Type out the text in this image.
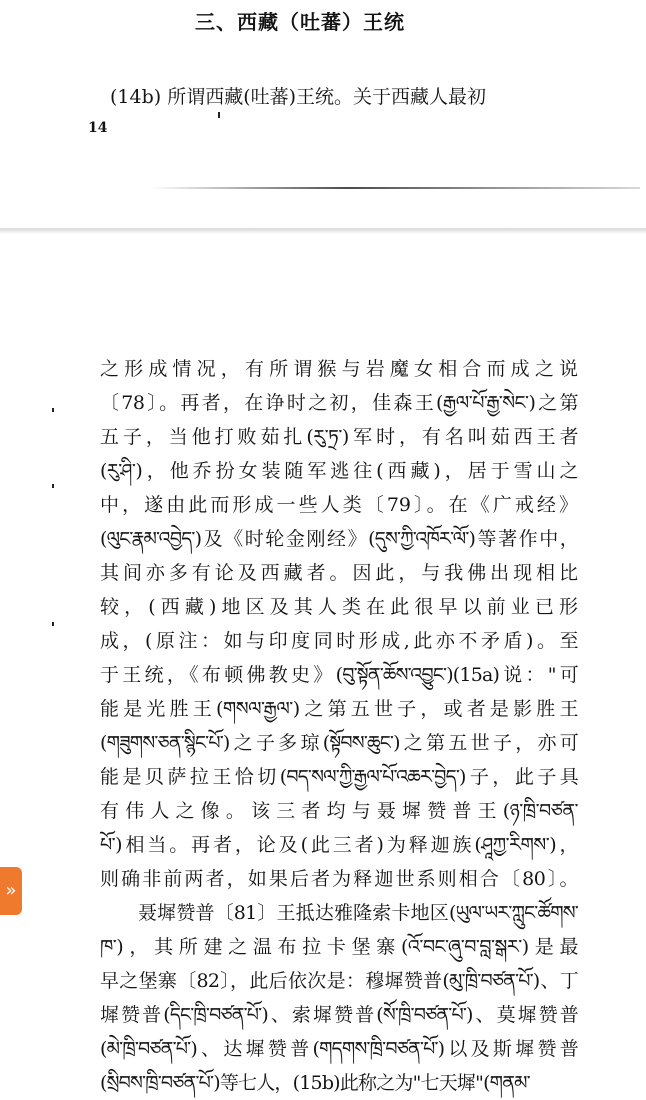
三、西藏（吐蕃）王统
(14b) 所谓西藏(吐蕃)王统。关于西藏人最初
14
之形成情况，有所谓猴与岩魔女相合而成之说
〔78〕。再者，在诤时之初，佳森王(རྒྱལ་པོ་རྒྱ་སེང་)之第
五子，当他打败茹扎(རུ་ཏྲ་)军时，有名叫茹西王者
(རུ་ཤི་)，他乔扮女装随军逃往(西藏)，居于雪山之
中，遂由此而形成一些人类〔79〕。在《广戒经》
(ལུང་རྣམ་འབྱེད་)及《时轮金刚经》(དུས་ཀྱི་འཁོར་ལོ་)等著作中，
其间亦多有论及西藏者。因此，与我佛出现相比
较，(西藏)地区及其人类在此很早以前业已形
成，(原注：如与印度同时形成,此亦不矛盾)。至
于王统，《布顿佛教史》(བུ་སྟོན་ཆོས་འབྱུང་)(15a)说："可
能是光胜王(གསལ་རྒྱལ་)之第五世子，或者是影胜王
(གཟུགས་ཅན་སྙིང་པོ་)之子多琼(སྟོབས་ཆུང་)之第五世子，亦可
能是贝萨拉王恰切(བད་སལ་ཀྱི་རྒྱལ་པོ་འཆར་བྱེད་)子，此子具
有伟人之像。该三者均与聂墀赞普王(ཉ་ཁྲི་བཙན་
པོ་)相当。再者，论及(此三者)为释迦族(ཤཱཀྱ་རིགས་)，
则确非前两者，如果后者为释迦世系则相合〔80〕。
聂墀赞普〔81〕王抵达雅隆索卡地区(ཡུལ་ཡར་ཀླུང་ཚོགས་
ཁ་)，其所建之温布拉卡堡寨(འོ་བང་ཞུ་བ་བླ་སྒར་)是最
早之堡寨〔82〕，此后依次是：穆墀赞普(མུ་ཁྲི་བཙན་པོ་)、丁
墀赞普(དིང་ཁྲི་བཙན་པོ་)、索墀赞普(སོ་ཁྲི་བཙན་པོ་)、莫墀赞普
(མེ་ཁྲི་བཙན་པོ་)、达墀赞普(གདགས་ཁྲི་བཙན་པོ་)以及斯墀赞普
(སྲིབས་ཁྲི་བཙན་པོ་)等七人，(15b)此称之为"七天墀"(གནམ་
»
